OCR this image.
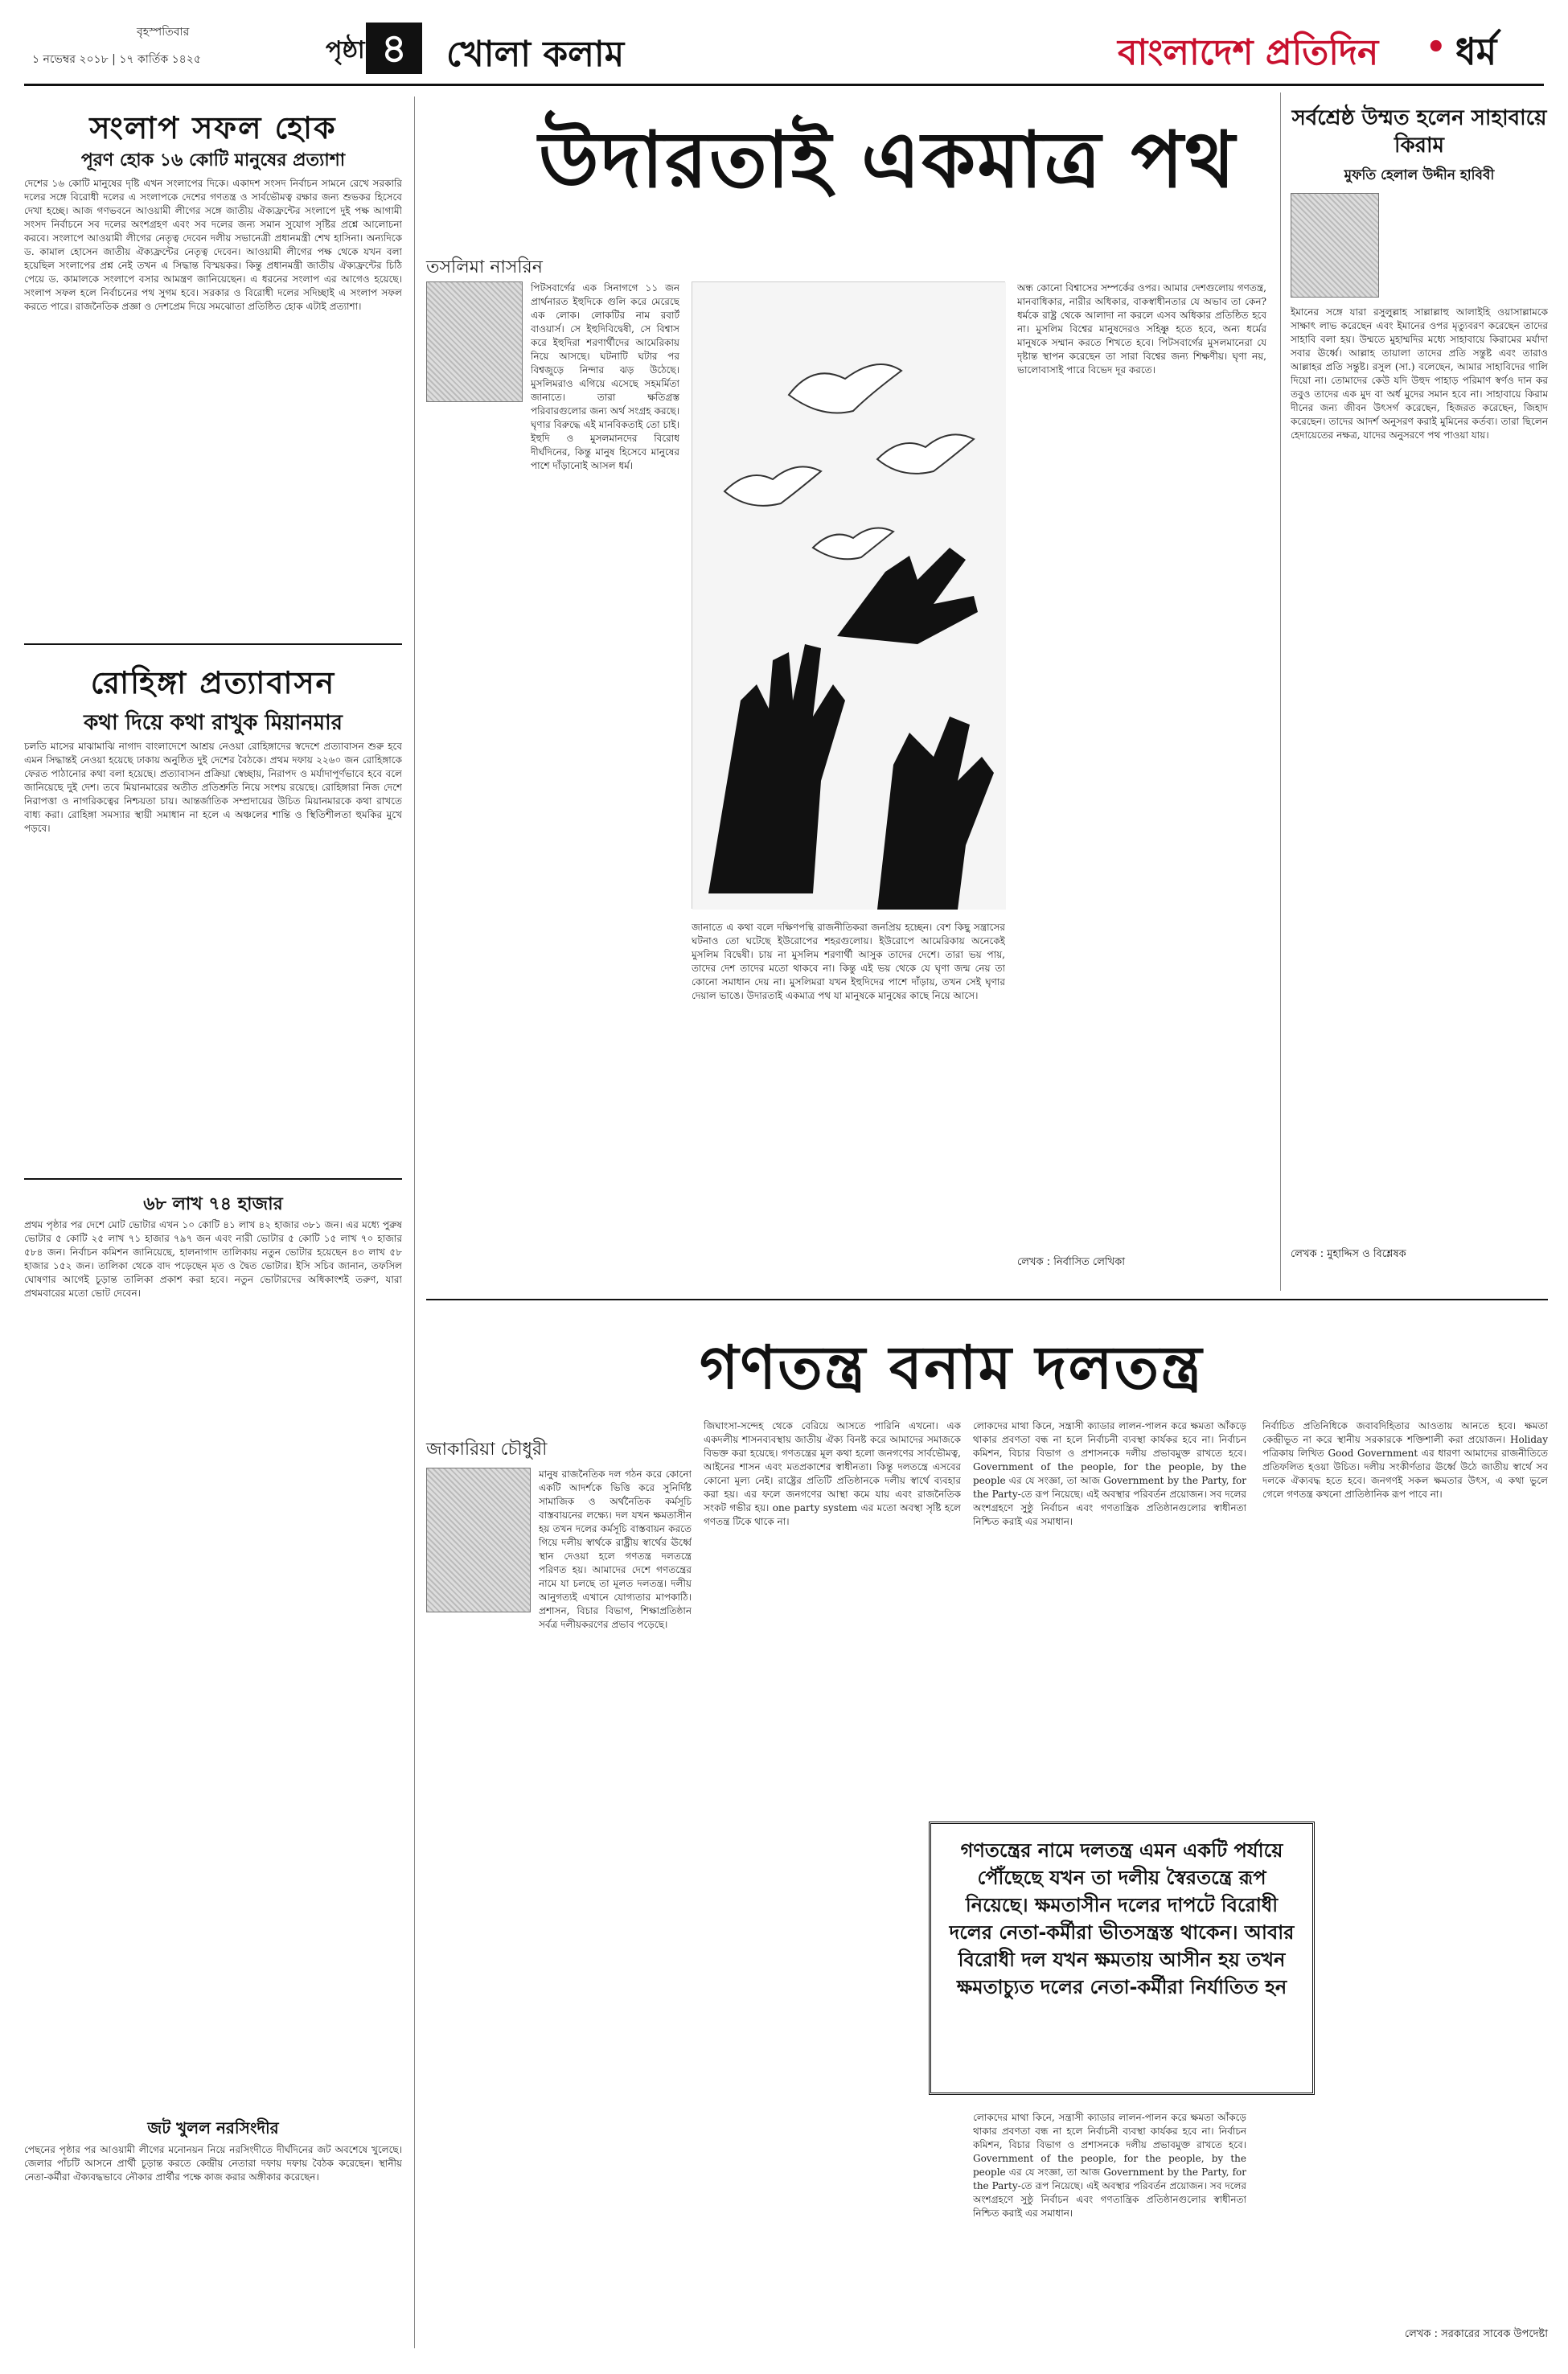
বৃহস্পতিবার
১ নভেম্বর ২০১৮ | ১৭ কার্তিক ১৪২৫	পৃষ্ঠা ৪	খোলা কলাম	বাংলাদেশ প্রতিদিন • ধর্ম
সংলাপ সফল হোক
পূরণ হোক ১৬ কোটি মানুষের প্রত্যাশা
দেশের ১৬ কোটি মানুষের দৃষ্টি এখন সংলাপের দিকে। একাদশ সংসদ নির্বাচন সামনে রেখে সরকারি দলের সঙ্গে বিরোধী দলের এ সংলাপকে দেশের গণতন্ত্র ও সার্বভৌমত্ব রক্ষার জন্য শুভকর হিসেবে দেখা হচ্ছে। আজ গণভবনে আওয়ামী লীগের সঙ্গে জাতীয় ঐক্যফ্রন্টের সংলাপে দুই পক্ষ আগামী সংসদ নির্বাচনে সব দলের অংশগ্রহণ এবং সব দলের জন্য সমান সুযোগ সৃষ্টির প্রশ্নে আলোচনা করবে। সংলাপে আওয়ামী লীগের নেতৃত্ব দেবেন দলীয় সভানেত্রী প্রধানমন্ত্রী শেখ হাসিনা। অন্যদিকে ড. কামাল হোসেন জাতীয় ঐক্যফ্রন্টের নেতৃত্ব দেবেন। আওয়ামী লীগের পক্ষ থেকে যখন বলা হয়েছিল সংলাপের প্রশ্ন নেই তখন এ সিদ্ধান্ত বিস্ময়কর। কিন্তু প্রধানমন্ত্রী জাতীয় ঐক্যফ্রন্টের চিঠি পেয়ে ড. কামালকে সংলাপে বসার আমন্ত্রণ জানিয়েছেন। এ ধরনের সংলাপ এর আগেও হয়েছে। সংলাপ সফল হলে নির্বাচনের পথ সুগম হবে। সরকার ও বিরোধী দলের সদিচ্ছাই এ সংলাপ সফল করতে পারে। রাজনৈতিক প্রজ্ঞা ও দেশপ্রেম দিয়ে সমঝোতা প্রতিষ্ঠিত হোক এটাই প্রত্যাশা।
রোহিঙ্গা প্রত্যাবাসন
কথা দিয়ে কথা রাখুক মিয়ানমার
চলতি মাসের মাঝামাঝি নাগাদ বাংলাদেশে আশ্রয় নেওয়া রোহিঙ্গাদের স্বদেশে প্রত্যাবাসন শুরু হবে এমন সিদ্ধান্তই নেওয়া হয়েছে ঢাকায় অনুষ্ঠিত দুই দেশের বৈঠকে। প্রথম দফায় ২২৬০ জন রোহিঙ্গাকে ফেরত পাঠানোর কথা বলা হয়েছে। প্রত্যাবাসন প্রক্রিয়া স্বেচ্ছায়, নিরাপদ ও মর্যাদাপূর্ণভাবে হবে বলে জানিয়েছে দুই দেশ। তবে মিয়ানমারের অতীত প্রতিশ্রুতি নিয়ে সংশয় রয়েছে। রোহিঙ্গারা নিজ দেশে নিরাপত্তা ও নাগরিকত্বের নিশ্চয়তা চায়। আন্তর্জাতিক সম্প্রদায়ের উচিত মিয়ানমারকে কথা রাখতে বাধ্য করা। রোহিঙ্গা সমস্যার স্থায়ী সমাধান না হলে এ অঞ্চলের শান্তি ও স্থিতিশীলতা হুমকির মুখে পড়বে।
৬৮ লাখ ৭৪ হাজার
প্রথম পৃষ্ঠার পর দেশে মোট ভোটার এখন ১০ কোটি ৪১ লাখ ৪২ হাজার ৩৮১ জন। এর মধ্যে পুরুষ ভোটার ৫ কোটি ২৫ লাখ ৭১ হাজার ৭৯৭ জন এবং নারী ভোটার ৫ কোটি ১৫ লাখ ৭০ হাজার ৫৮৪ জন। নির্বাচন কমিশন জানিয়েছে, হালনাগাদ তালিকায় নতুন ভোটার হয়েছেন ৪৩ লাখ ৫৮ হাজার ১৫২ জন। তালিকা থেকে বাদ পড়েছেন মৃত ও দ্বৈত ভোটার। ইসি সচিব জানান, তফসিল ঘোষণার আগেই চূড়ান্ত তালিকা প্রকাশ করা হবে। নতুন ভোটারদের অধিকাংশই তরুণ, যারা প্রথমবারের মতো ভোট দেবেন।
জট খুলল নরসিংদীর
পেছনের পৃষ্ঠার পর আওয়ামী লীগের মনোনয়ন নিয়ে নরসিংদীতে দীর্ঘদিনের জট অবশেষে খুলেছে। জেলার পাঁচটি আসনে প্রার্থী চূড়ান্ত করতে কেন্দ্রীয় নেতারা দফায় দফায় বৈঠক করেছেন। স্থানীয় নেতা-কর্মীরা ঐক্যবদ্ধভাবে নৌকার প্রার্থীর পক্ষে কাজ করার অঙ্গীকার করেছেন।
উদারতাই একমাত্র পথ
তসলিমা নাসরিন
পিটসবার্গের এক সিনাগগে ১১ জন প্রার্থনারত ইহুদিকে গুলি করে মেরেছে এক লোক। লোকটির নাম রবার্ট বাওয়ার্স। সে ইহুদিবিদ্বেষী, সে বিশ্বাস করে ইহুদিরা শরণার্থীদের আমেরিকায় নিয়ে আসছে। ঘটনাটি ঘটার পর বিশ্বজুড়ে নিন্দার ঝড় উঠেছে। মুসলিমরাও এগিয়ে এসেছে সহমর্মিতা জানাতে। তারা ক্ষতিগ্রস্ত পরিবারগুলোর জন্য অর্থ সংগ্রহ করছে। ঘৃণার বিরুদ্ধে এই মানবিকতাই তো চাই। ইহুদি ও মুসলমানদের বিরোধ দীর্ঘদিনের, কিন্তু মানুষ হিসেবে মানুষের পাশে দাঁড়ানোই আসল ধর্ম।
জানাতে এ কথা বলে দক্ষিণপন্থি রাজনীতিকরা জনপ্রিয় হচ্ছেন। বেশ কিছু সন্ত্রাসের ঘটনাও তো ঘটেছে ইউরোপের শহরগুলোয়। ইউরোপে আমেরিকায় অনেকেই মুসলিম বিদ্বেষী। চায় না মুসলিম শরণার্থী আসুক তাদের দেশে। তারা ভয় পায়, তাদের দেশ তাদের মতো থাকবে না। কিন্তু এই ভয় থেকে যে ঘৃণা জন্ম নেয় তা কোনো সমাধান দেয় না। মুসলিমরা যখন ইহুদিদের পাশে দাঁড়ায়, তখন সেই ঘৃণার দেয়াল ভাঙে। উদারতাই একমাত্র পথ যা মানুষকে মানুষের কাছে নিয়ে আসে।
অন্ধ কোনো বিশ্বাসের সম্পর্কের ওপর। আমার দেশগুলোয় গণতন্ত্র, মানবাধিকার, নারীর অধিকার, বাকস্বাধীনতার যে অভাব তা কেন? ধর্মকে রাষ্ট্র থেকে আলাদা না করলে এসব অধিকার প্রতিষ্ঠিত হবে না। মুসলিম বিশ্বের মানুষদেরও সহিষ্ণু হতে হবে, অন্য ধর্মের মানুষকে সম্মান করতে শিখতে হবে। পিটসবার্গের মুসলমানেরা যে দৃষ্টান্ত স্থাপন করেছেন তা সারা বিশ্বের জন্য শিক্ষণীয়। ঘৃণা নয়, ভালোবাসাই পারে বিভেদ দূর করতে।
লেখক : নির্বাসিত লেখিকা
সর্বশ্রেষ্ঠ উম্মত হলেন সাহাবায়ে কিরাম
মুফতি হেলাল উদ্দীন হাবিবী
ইমানের সঙ্গে যারা রসুলুল্লাহ সাল্লাল্লাহু আলাইহি ওয়াসাল্লামকে সাক্ষাৎ লাভ করেছেন এবং ইমানের ওপর মৃত্যুবরণ করেছেন তাদের সাহাবি বলা হয়। উম্মতে মুহাম্মদির মধ্যে সাহাবায়ে কিরামের মর্যাদা সবার ঊর্ধ্বে। আল্লাহ তায়ালা তাদের প্রতি সন্তুষ্ট এবং তারাও আল্লাহর প্রতি সন্তুষ্ট। রসুল (সা.) বলেছেন, আমার সাহাবিদের গালি দিয়ো না। তোমাদের কেউ যদি উহুদ পাহাড় পরিমাণ স্বর্ণও দান কর তবুও তাদের এক মুদ বা অর্ধ মুদের সমান হবে না। সাহাবায়ে কিরাম দীনের জন্য জীবন উৎসর্গ করেছেন, হিজরত করেছেন, জিহাদ করেছেন। তাদের আদর্শ অনুসরণ করাই মুমিনের কর্তব্য। তারা ছিলেন হেদায়েতের নক্ষত্র, যাদের অনুসরণে পথ পাওয়া যায়।
লেখক : মুহাদ্দিস ও বিশ্লেষক
গণতন্ত্র বনাম দলতন্ত্র
জাকারিয়া চৌধুরী
মানুষ রাজনৈতিক দল গঠন করে কোনো একটি আদর্শকে ভিত্তি করে সুনির্দিষ্ট সামাজিক ও অর্থনৈতিক কর্মসূচি বাস্তবায়নের লক্ষ্যে। দল যখন ক্ষমতাসীন হয় তখন দলের কর্মসূচি বাস্তবায়ন করতে গিয়ে দলীয় স্বার্থকে রাষ্ট্রীয় স্বার্থের ঊর্ধ্বে স্থান দেওয়া হলে গণতন্ত্র দলতন্ত্রে পরিণত হয়। আমাদের দেশে গণতন্ত্রের নামে যা চলছে তা মূলত দলতন্ত্র। দলীয় আনুগত্যই এখানে যোগ্যতার মাপকাঠি। প্রশাসন, বিচার বিভাগ, শিক্ষাপ্রতিষ্ঠান সর্বত্র দলীয়করণের প্রভাব পড়েছে।
জিঘাংসা-সন্দেহ থেকে বেরিয়ে আসতে পারিনি এখনো। এক একদলীয় শাসনব্যবস্থায় জাতীয় ঐক্য বিনষ্ট করে আমাদের সমাজকে বিভক্ত করা হয়েছে। গণতন্ত্রের মূল কথা হলো জনগণের সার্বভৌমত্ব, আইনের শাসন এবং মতপ্রকাশের স্বাধীনতা। কিন্তু দলতন্ত্রে এসবের কোনো মূল্য নেই। রাষ্ট্রের প্রতিটি প্রতিষ্ঠানকে দলীয় স্বার্থে ব্যবহার করা হয়। এর ফলে জনগণের আস্থা কমে যায় এবং রাজনৈতিক সংকট গভীর হয়। one party system এর মতো অবস্থা সৃষ্টি হলে গণতন্ত্র টিকে থাকে না।
লোকদের মাথা কিনে, সন্ত্রাসী ক্যাডার লালন-পালন করে ক্ষমতা আঁকড়ে থাকার প্রবণতা বন্ধ না হলে নির্বাচনী ব্যবস্থা কার্যকর হবে না। নির্বাচন কমিশন, বিচার বিভাগ ও প্রশাসনকে দলীয় প্রভাবমুক্ত রাখতে হবে। Government of the people, for the people, by the people এর যে সংজ্ঞা, তা আজ Government by the Party, for the Party-তে রূপ নিয়েছে। এই অবস্থার পরিবর্তন প্রয়োজন। সব দলের অংশগ্রহণে সুষ্ঠু নির্বাচন এবং গণতান্ত্রিক প্রতিষ্ঠানগুলোর স্বাধীনতা নিশ্চিত করাই এর সমাধান।
গণতন্ত্রের নামে দলতন্ত্র এমন একটি পর্যায়ে পৌঁছেছে যখন তা দলীয় স্বৈরতন্ত্রে রূপ নিয়েছে। ক্ষমতাসীন দলের দাপটে বিরোধী দলের নেতা-কর্মীরা ভীতসন্ত্রস্ত থাকেন। আবার বিরোধী দল যখন ক্ষমতায় আসীন হয় তখন ক্ষমতাচ্যুত দলের নেতা-কর্মীরা নির্যাতিত হন
লোকদের মাথা কিনে, সন্ত্রাসী ক্যাডার লালন-পালন করে ক্ষমতা আঁকড়ে থাকার প্রবণতা বন্ধ না হলে নির্বাচনী ব্যবস্থা কার্যকর হবে না। নির্বাচন কমিশন, বিচার বিভাগ ও প্রশাসনকে দলীয় প্রভাবমুক্ত রাখতে হবে। Government of the people, for the people, by the people এর যে সংজ্ঞা, তা আজ Government by the Party, for the Party-তে রূপ নিয়েছে। এই অবস্থার পরিবর্তন প্রয়োজন। সব দলের অংশগ্রহণে সুষ্ঠু নির্বাচন এবং গণতান্ত্রিক প্রতিষ্ঠানগুলোর স্বাধীনতা নিশ্চিত করাই এর সমাধান।
নির্বাচিত প্রতিনিধিকে জবাবদিহিতার আওতায় আনতে হবে। ক্ষমতা কেন্দ্রীভূত না করে স্থানীয় সরকারকে শক্তিশালী করা প্রয়োজন। Holiday পত্রিকায় লিখিত Good Government এর ধারণা আমাদের রাজনীতিতে প্রতিফলিত হওয়া উচিত। দলীয় সংকীর্ণতার ঊর্ধ্বে উঠে জাতীয় স্বার্থে সব দলকে ঐক্যবদ্ধ হতে হবে। জনগণই সকল ক্ষমতার উৎস, এ কথা ভুলে গেলে গণতন্ত্র কখনো প্রাতিষ্ঠানিক রূপ পাবে না।
লেখক : সরকারের সাবেক উপদেষ্টা
